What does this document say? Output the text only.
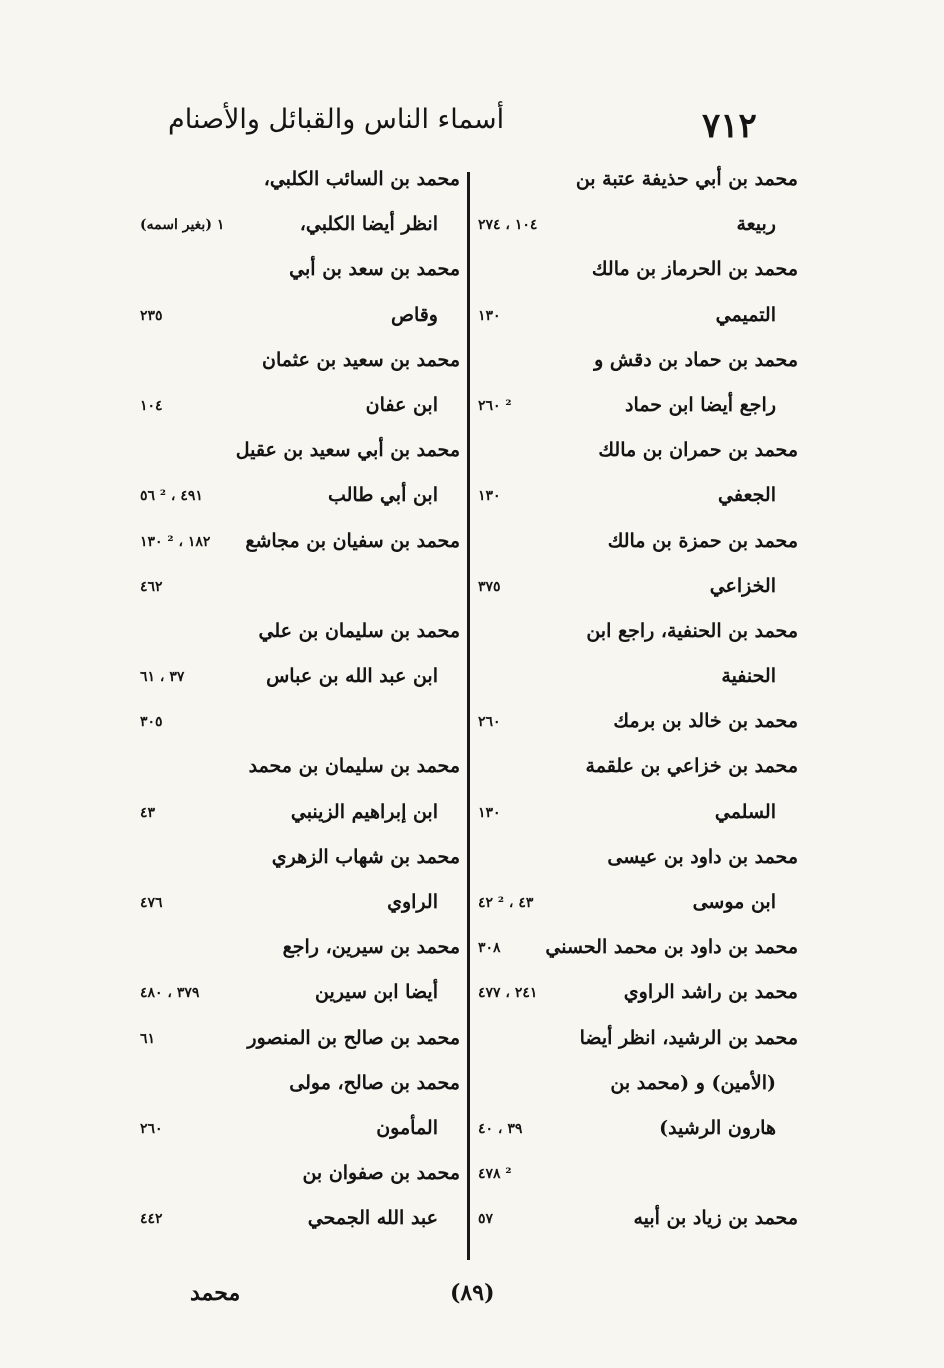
٧١٢
أسماء الناس والقبائل والأصنام
محمد بن أبي حذيفة عتبة بن
ربيعة
١٠٤ ، ٢٧٤
محمد بن الحرماز بن مالك
التميمي
١٣٠
محمد بن حماد بن دقش و
راجع أيضا ابن حماد
٢٦٠ ²
محمد بن حمران بن مالك
الجعفي
١٣٠
محمد بن حمزة بن مالك
الخزاعي
٣٧٥
محمد بن الحنفية، راجع ابن
الحنفية
محمد بن خالد بن برمك
٢٦٠
محمد بن خزاعي بن علقمة
السلمي
١٣٠
محمد بن داود بن عيسى
ابن موسى
٤٢ ² ، ٤٣
محمد بن داود بن محمد الحسني
٣٠٨
محمد بن راشد الراوي
٢٤١ ، ٤٧٧
محمد بن الرشيد، انظر أيضا
(الأمين) و (محمد بن
هارون الرشيد)
٣٩ ، ٤٠
٤٧٨ ²
محمد بن زياد بن أبيه
٥٧
محمد بن السائب الكلبي،
انظر أيضا الكلبي،
١ (بغير اسمه)
محمد بن سعد بن أبي
وقاص
٢٣٥
محمد بن سعيد بن عثمان
ابن عفان
١٠٤
محمد بن أبي سعيد بن عقيل
ابن أبي طالب
٥٦ ² ، ٤٩١
محمد بن سفيان بن مجاشع
١٣٠ ² ، ١٨٢
٤٦٢
محمد بن سليمان بن علي
ابن عبد الله بن عباس
٣٧ ، ٦١
٣٠٥
محمد بن سليمان بن محمد
ابن إبراهيم الزينبي
٤٣
محمد بن شهاب الزهري
الراوي
٤٧٦
محمد بن سيرين، راجع
أيضا ابن سيرين
٣٧٩ ، ٤٨٠
محمد بن صالح بن المنصور
٦١
محمد بن صالح، مولى
المأمون
٢٦٠
محمد بن صفوان بن
عبد الله الجمحي
٤٤٢
محمد	(٨٩)
